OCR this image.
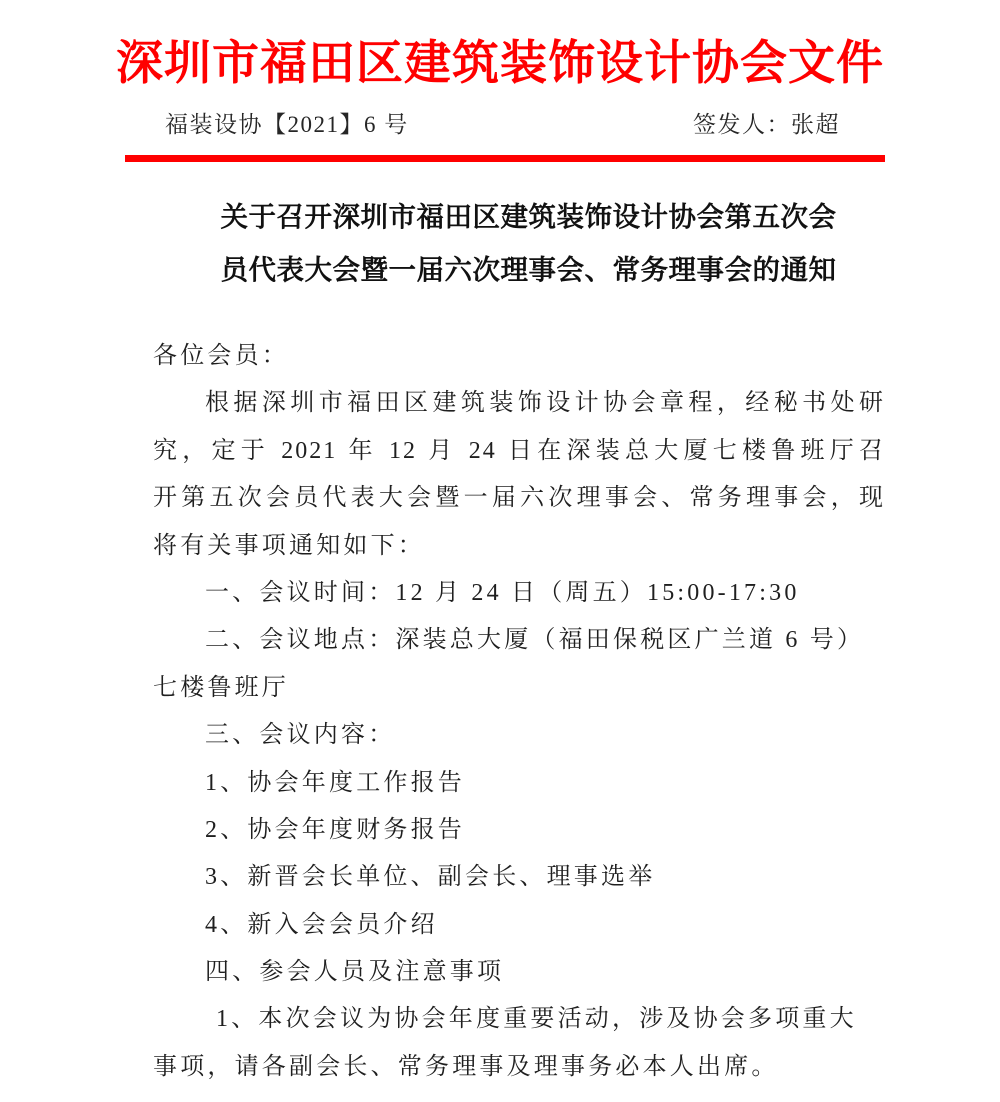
深圳市福田区建筑装饰设计协会文件
福装设协【2021】6 号	签发人：张超
关于召开深圳市福田区建筑装饰设计协会第五次会
员代表大会暨一届六次理事会、常务理事会的通知
各位会员：
根据深圳市福田区建筑装饰设计协会章程，经秘书处研
究，定于 2021 年 12 月 24 日在深装总大厦七楼鲁班厅召
开第五次会员代表大会暨一届六次理事会、常务理事会，现
将有关事项通知如下：
一、会议时间：12 月 24 日（周五）15:00-17:30
二、会议地点：深装总大厦（福田保税区广兰道 6 号）
七楼鲁班厅
三、会议内容：
1、协会年度工作报告
2、协会年度财务报告
3、新晋会长单位、副会长、理事选举
4、新入会会员介绍
四、参会人员及注意事项
1、本次会议为协会年度重要活动，涉及协会多项重大
事项，请各副会长、常务理事及理事务必本人出席。
